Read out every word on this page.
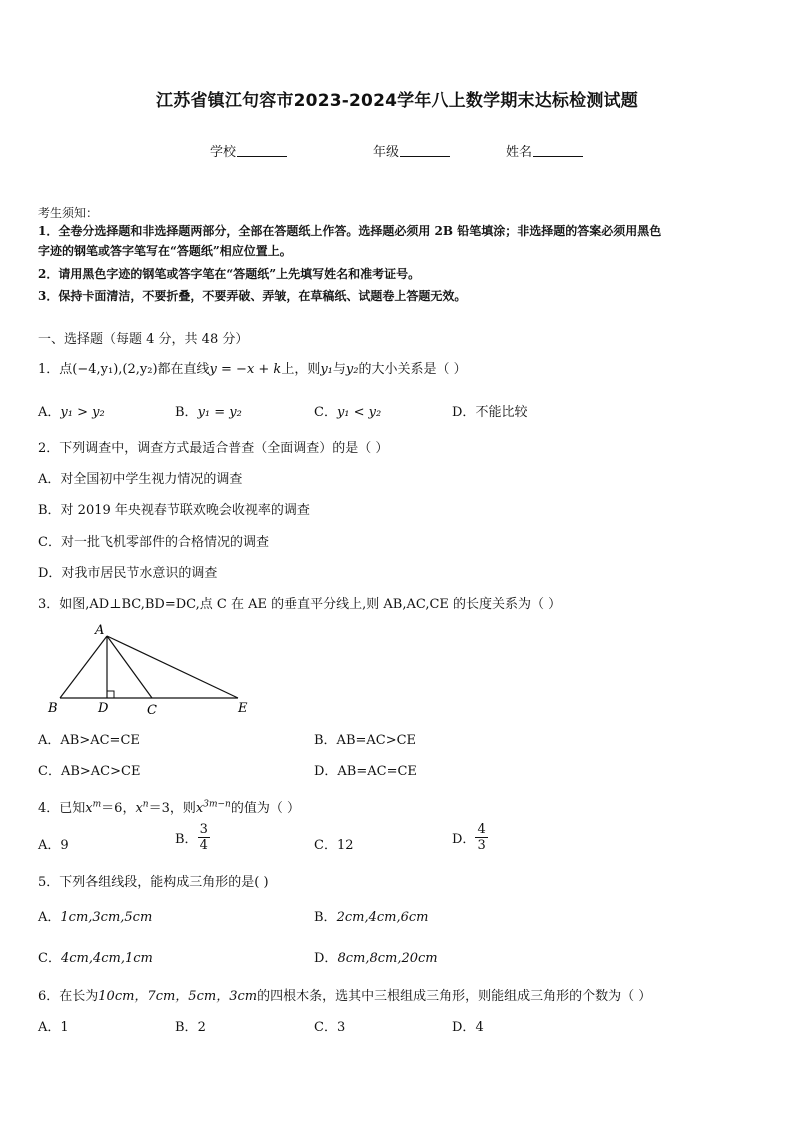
江苏省镇江句容市2023-2024学年八上数学期末达标检测试题
学校	年级	姓名
考生须知：
1．全卷分选择题和非选择题两部分，全部在答题纸上作答。选择题必须用 2B 铅笔填涂；非选择题的答案必须用黑色
字迹的钢笔或答字笔写在“答题纸”相应位置上。
2．请用黑色字迹的钢笔或答字笔在“答题纸”上先填写姓名和准考证号。
3．保持卡面清洁，不要折叠，不要弄破、弄皱，在草稿纸、试题卷上答题无效。
一、选择题（每题 4 分，共 48 分）
1．点(−4,y₁),(2,y₂)都在直线y = −x + k上，则y₁与y₂的大小关系是（ ）
A．y₁ > y₂	B．y₁ = y₂	C．y₁ < y₂	D．不能比较
2．下列调查中，调查方式最适合普查（全面调查）的是（ ）
A．对全国初中学生视力情况的调查
B．对 2019 年央视春节联欢晚会收视率的调查
C．对一批飞机零部件的合格情况的调查
D．对我市居民节水意识的调查
3．如图,AD⊥BC,BD=DC,点 C 在 AE 的垂直平分线上,则 AB,AC,CE 的长度关系为（ ）
A
B	D	C	E
A．AB>AC=CE	B．AB=AC>CE
C．AB>AC>CE	D．AB=AC=CE
4．已知$x^m=6$，$x^n=3$，则$x^{3m-n}$的值为（ ）
A．9	B． $\frac{3}{4}$	C．12	D． $\frac{4}{3}$
5．下列各组线段，能构成三角形的是( )
A．1cm,3cm,5cm	B．2cm,4cm,6cm
C．4cm,4cm,1cm	D．8cm,8cm,20cm
6．在长为10cm，7cm，5cm，3cm的四根木条，选其中三根组成三角形，则能组成三角形的个数为（ ）
A．1	B．2	C．3	D．4
